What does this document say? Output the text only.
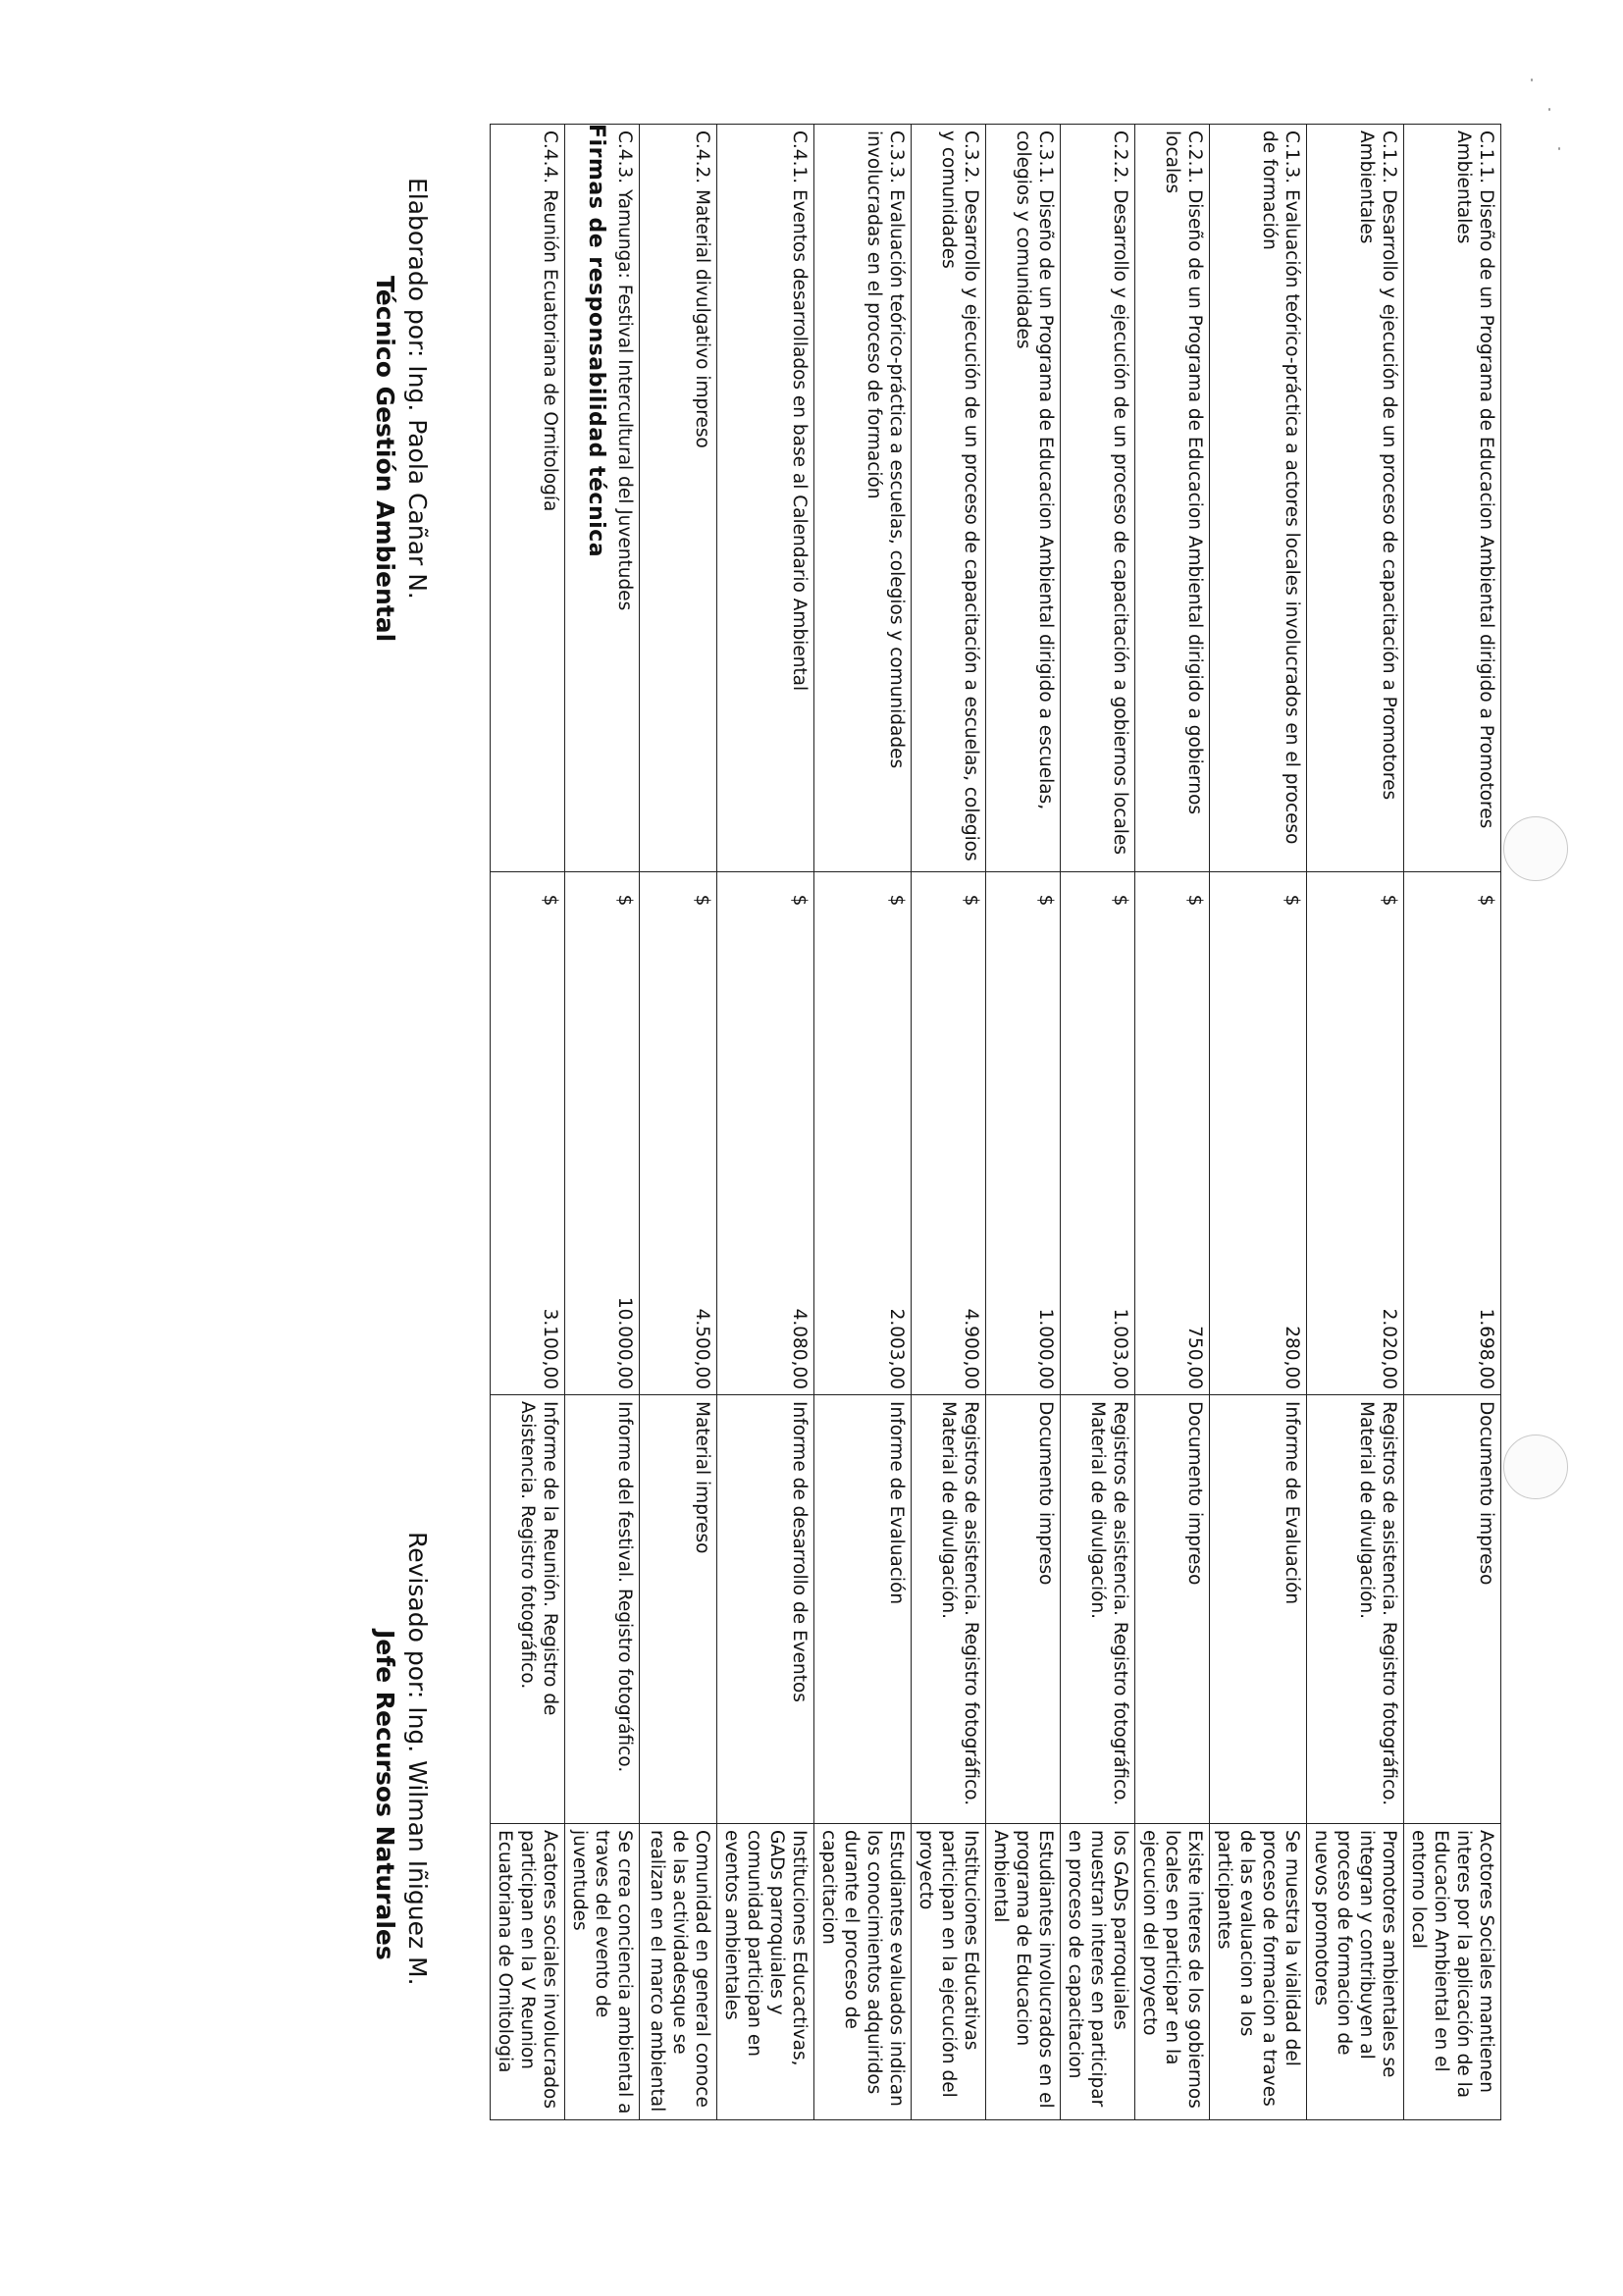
C.1.1. Diseño de un Programa de Educacion Ambiental dirigido a Promotores Ambientales	$	1.698,00	Documento impreso	Acotores Sociales mantienen interes por la aplicación de la Educacion Ambiental en el entorno local
C.1.2. Desarrollo y ejecución de un proceso de capacitación a Promotores Ambientales	$	2.020,00	Registros de asistencia. Registro fotográfico. Material de divulgación.	Promotores ambientales se integran y contribuyen al proceso de formacion de nuevos promotores
C.1.3. Evaluación teórico-práctica a actores locales involucrados en el proceso de formación	$	280,00	Informe de Evaluación	Se muestra la vialidad del proceso de formacion a traves de las evaluacion a los participantes
C.2.1. Diseño de un Programa de Educacion Ambiental dirigido a gobiernos locales	$	750,00	Documento impreso	Existe interes de los gobiernos locales en participar en la ejecucion del proyecto
C.2.2. Desarrollo y ejecución de un proceso de capacitación a gobiernos locales	$	1.003,00	Registros de asistencia. Registro fotográfico. Material de divulgación.	los GADs parroquiales muestran interes en participar en proceso de capacitacion
C.3.1. Diseño de un Programa de Educacion Ambiental dirigido a escuelas, colegios y comunidades	$	1.000,00	Documento impreso	Estudiantes involucrados en el programa de Educacion Ambiental
C.3.2. Desarrollo y ejecución de un proceso de capacitación a escuelas, colegios y comunidades	$	4.900,00	Registros de asistencia. Registro fotográfico. Material de divulgación.	Instituciones Educativas participan en la ejecución del proyecto
C.3.3. Evaluación teórico-práctica a escuelas, colegios y comunidades involucradas en el proceso de formación	$	2.003,00	Informe de Evaluación	Estudiantes evaluados indican los conocimientos adquiridos durante el proceso de capacitacion
C.4.1. Eventos desarrollados en base al Calendario Ambiental	$	4.080,00	Informe de desarrollo de Eventos	Instituciones Educactivas, GADs parroquiales y comunidad participan en eventos ambientales
C.4.2. Material divulgativo impreso	$	4.500,00	Material impreso	Comunidad en general conoce de las actividadesque se realizan en el marco ambiental
C.4.3. Yamunga: Festival Intercultural del Juventudes	$	10.000,00	Informe del festival. Registro fotográfico.	Se crea conciencia ambiental a traves del evento de juventudes
C.4.4. Reunión Ecuatoriana de Ornitología	$	3.100,00	Informe de la Reunión. Registro de Asistencia. Registro fotográfico.	Acatores sociales involucrados participan en la V Reunion Ecuatoriana de Ornitologia
Firmas de responsabilidad técnica
Elaborado por: Ing. Paola Cañar N.
Técnico Gestión Ambiental
Revisado por: Ing. Wilman Iñiguez M.
Jefe Recursos Naturales
